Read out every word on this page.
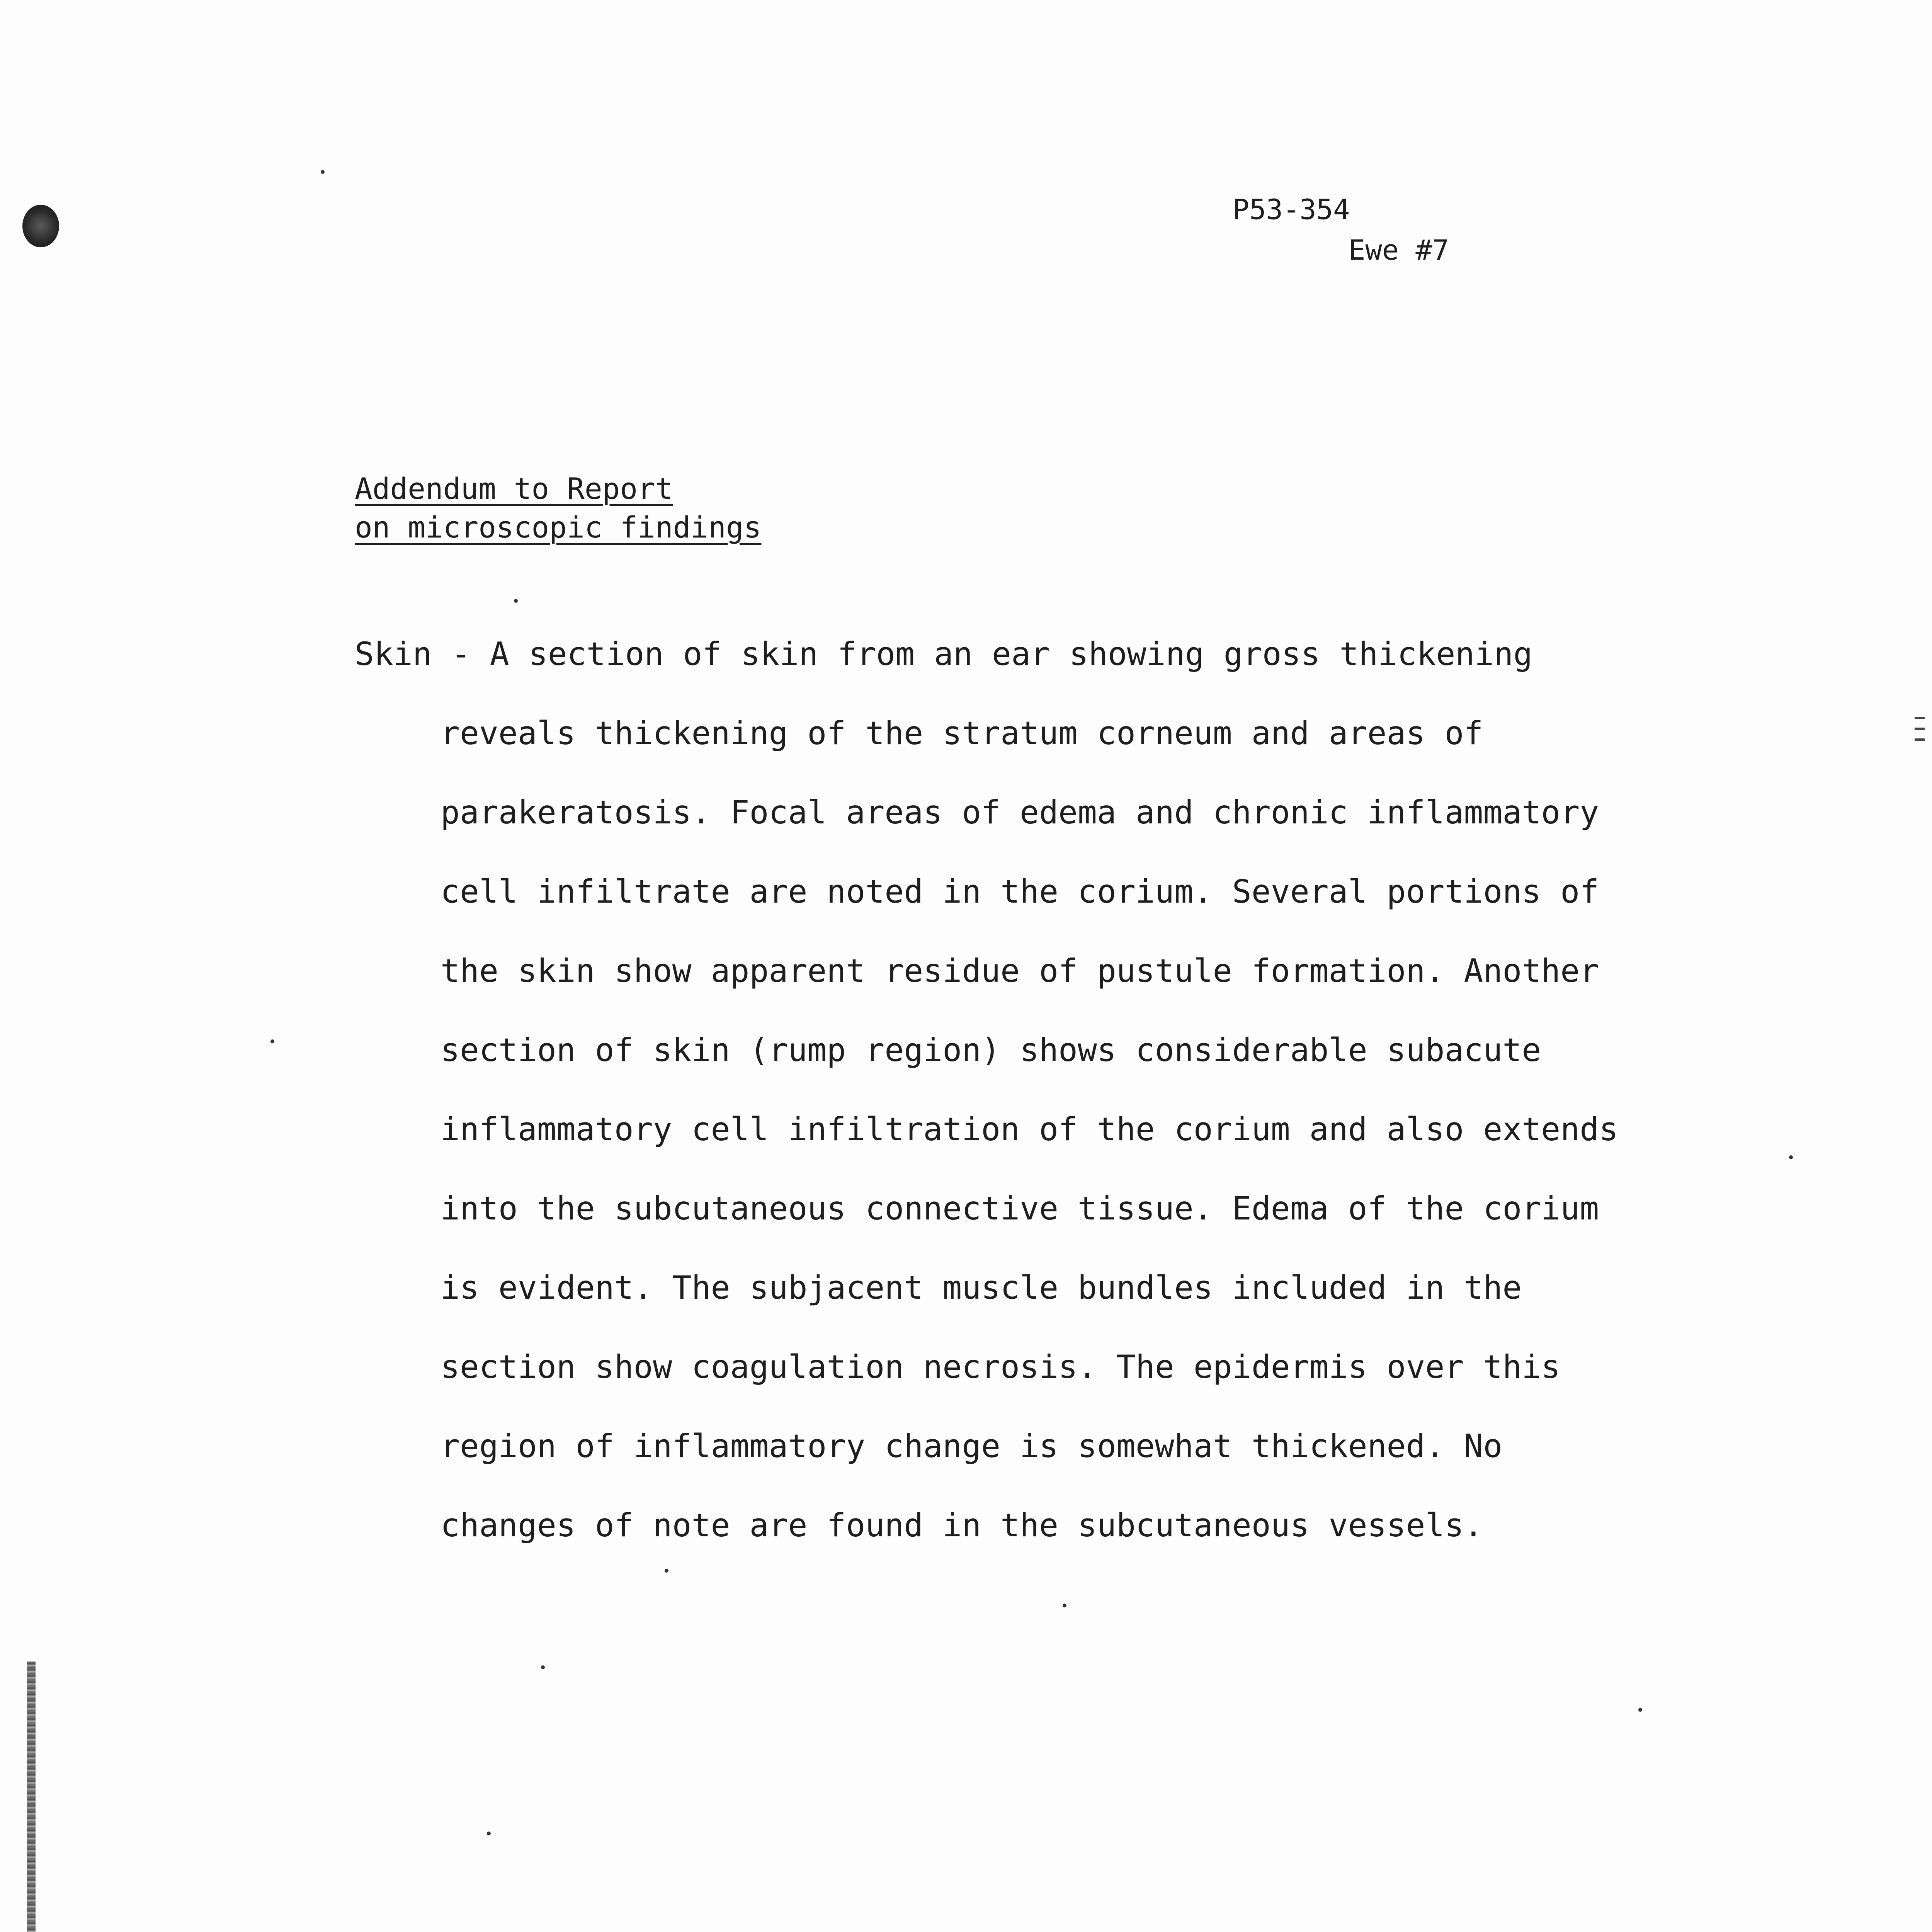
P53-354
Ewe #7
Addendum to Report
on microscopic findings
Skin - A section of skin from an ear showing gross thickening
reveals thickening of the stratum corneum and areas of
parakeratosis. Focal areas of edema and chronic inflammatory
cell infiltrate are noted in the corium. Several portions of
the skin show apparent residue of pustule formation. Another
section of skin (rump region) shows considerable subacute
inflammatory cell infiltration of the corium and also extends
into the subcutaneous connective tissue. Edema of the corium
is evident. The subjacent muscle bundles included in the
section show coagulation necrosis. The epidermis over this
region of inflammatory change is somewhat thickened. No
changes of note are found in the subcutaneous vessels.
